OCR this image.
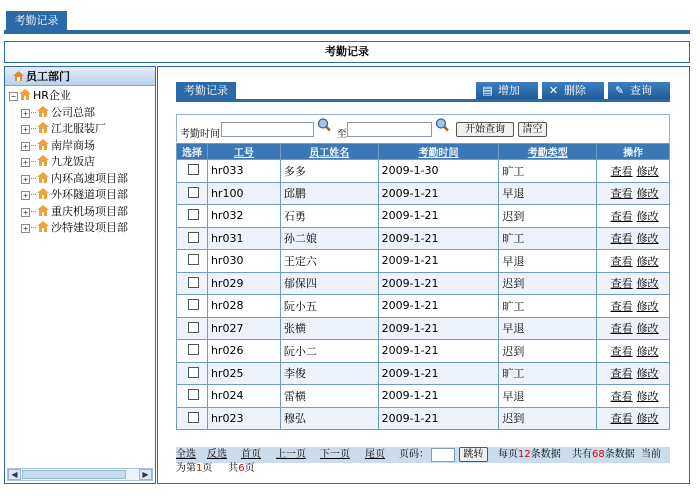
考勤记录
考勤记录
员工部门
− HR企业
+ 公司总部
+ 江北服装厂
+ 南岸商场
+ 九龙饭店
+ 内环高速项目部
+ 外环隧道项目部
+ 重庆机场项目部
+ 沙特建设项目部
◀	▶
考勤记录	▤ 增加	✕ 删除	✎ 查询
考勤时间	至	开始查询	清空
选择	工号	员工姓名	考勤时间	考勤类型	操作
	hr033	多多	2009-1-30	旷工	查看 修改
	hr100	邱鹏	2009-1-21	早退	查看 修改
	hr032	石勇	2009-1-21	迟到	查看 修改
	hr031	孙二娘	2009-1-21	旷工	查看 修改
	hr030	王定六	2009-1-21	早退	查看 修改
	hr029	郁保四	2009-1-21	迟到	查看 修改
	hr028	阮小五	2009-1-21	旷工	查看 修改
	hr027	张横	2009-1-21	早退	查看 修改
	hr026	阮小二	2009-1-21	迟到	查看 修改
	hr025	李俊	2009-1-21	旷工	查看 修改
	hr024	雷横	2009-1-21	早退	查看 修改
	hr023	穆弘	2009-1-21	迟到	查看 修改
全选 反选 首页 上一页 下一页 尾页 页码：	跳转	每页12条数据 共有68条数据 当前
为第1页 共6页
